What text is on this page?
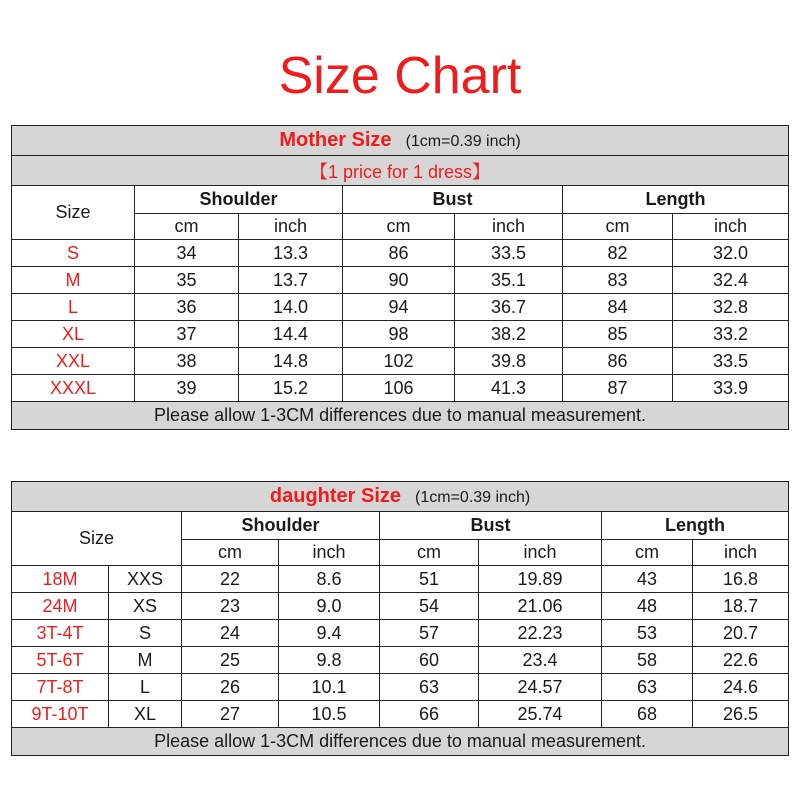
Size Chart
Mother Size (1cm=0.39 inch)						
【1 price for 1 dress】						
Size	Shoulder		Bust		Length	
	cm	inch	cm	inch	cm	inch
S	34	13.3	86	33.5	82	32.0
M	35	13.7	90	35.1	83	32.4
L	36	14.0	94	36.7	84	32.8
XL	37	14.4	98	38.2	85	33.2
XXL	38	14.8	102	39.8	86	33.5
XXXL	39	15.2	106	41.3	87	33.9
Please allow 1-3CM differences due to manual measurement.						
daughter Size (1cm=0.39 inch)							
Size		Shoulder		Bust		Length	
		cm	inch	cm	inch	cm	inch
18M	XXS	22	8.6	51	19.89	43	16.8
24M	XS	23	9.0	54	21.06	48	18.7
3T-4T	S	24	9.4	57	22.23	53	20.7
5T-6T	M	25	9.8	60	23.4	58	22.6
7T-8T	L	26	10.1	63	24.57	63	24.6
9T-10T	XL	27	10.5	66	25.74	68	26.5
Please allow 1-3CM differences due to manual measurement.							
